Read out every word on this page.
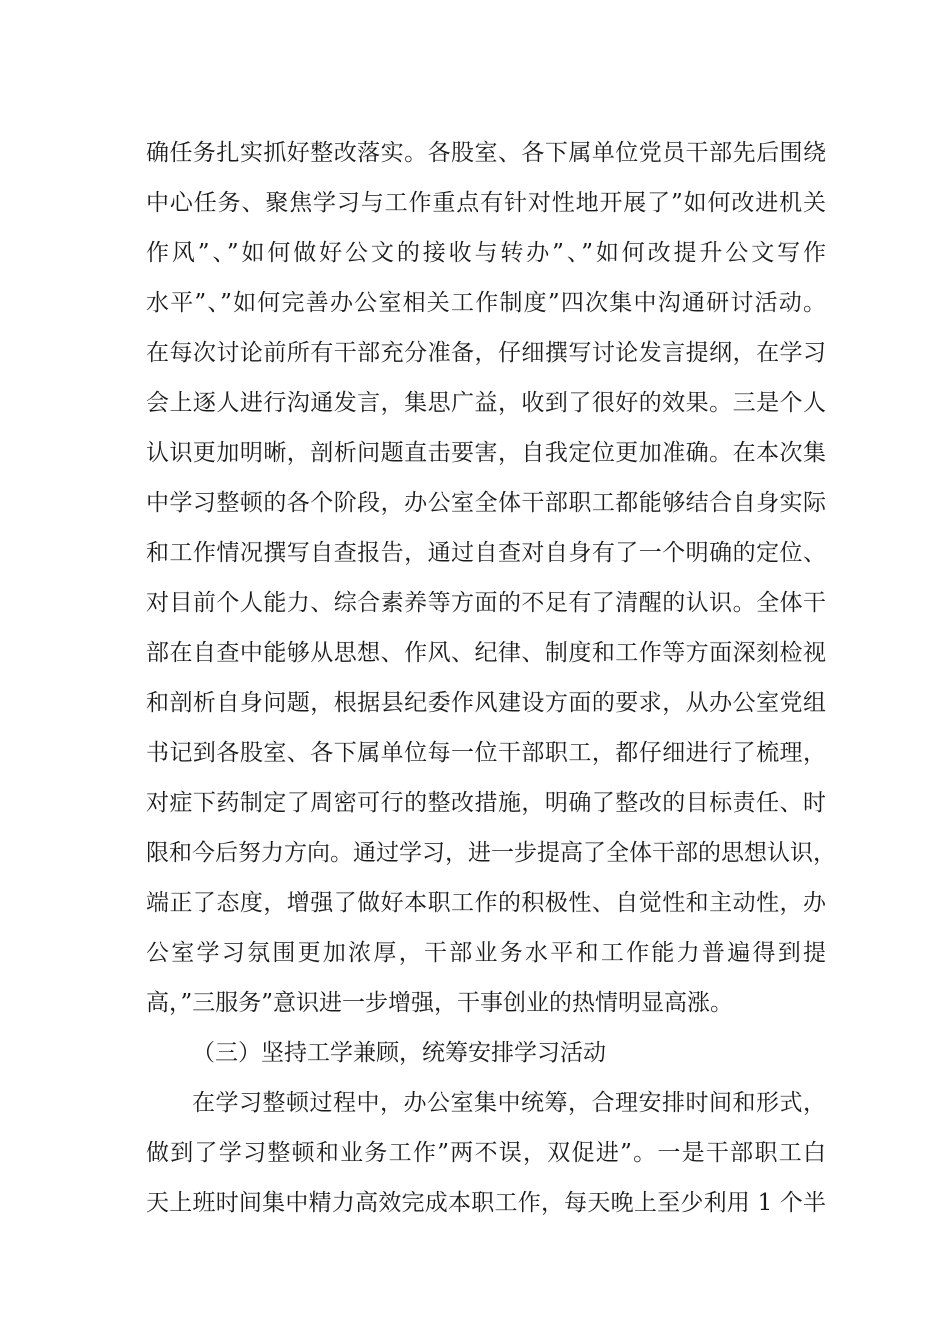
确任务扎实抓好整改落实。各股室、各下属单位党员干部先后围绕
中心任务、聚焦学习与工作重点有针对性地开展了”如何改进机关
作风”、”如何做好公文的接收与转办”、”如何改提升公文写作
水平”、”如何完善办公室相关工作制度”四次集中沟通研讨活动。
在每次讨论前所有干部充分准备，仔细撰写讨论发言提纲，在学习
会上逐人进行沟通发言，集思广益，收到了很好的效果。三是个人
认识更加明晰，剖析问题直击要害，自我定位更加准确。在本次集
中学习整顿的各个阶段，办公室全体干部职工都能够结合自身实际
和工作情况撰写自查报告，通过自查对自身有了一个明确的定位、
对目前个人能力、综合素养等方面的不足有了清醒的认识。全体干
部在自查中能够从思想、作风、纪律、制度和工作等方面深刻检视
和剖析自身问题，根据县纪委作风建设方面的要求，从办公室党组
书记到各股室、各下属单位每一位干部职工，都仔细进行了梳理，
对症下药制定了周密可行的整改措施，明确了整改的目标责任、时
限和今后努力方向。通过学习，进一步提高了全体干部的思想认识，
端正了态度，增强了做好本职工作的积极性、自觉性和主动性，办
公室学习氛围更加浓厚，干部业务水平和工作能力普遍得到提
高，”三服务”意识进一步增强，干事创业的热情明显高涨。
（三）坚持工学兼顾，统筹安排学习活动
在学习整顿过程中，办公室集中统筹，合理安排时间和形式，
做到了学习整顿和业务工作”两不误，双促进”。一是干部职工白
天上班时间集中精力高效完成本职工作，每天晚上至少利用 1 个半
